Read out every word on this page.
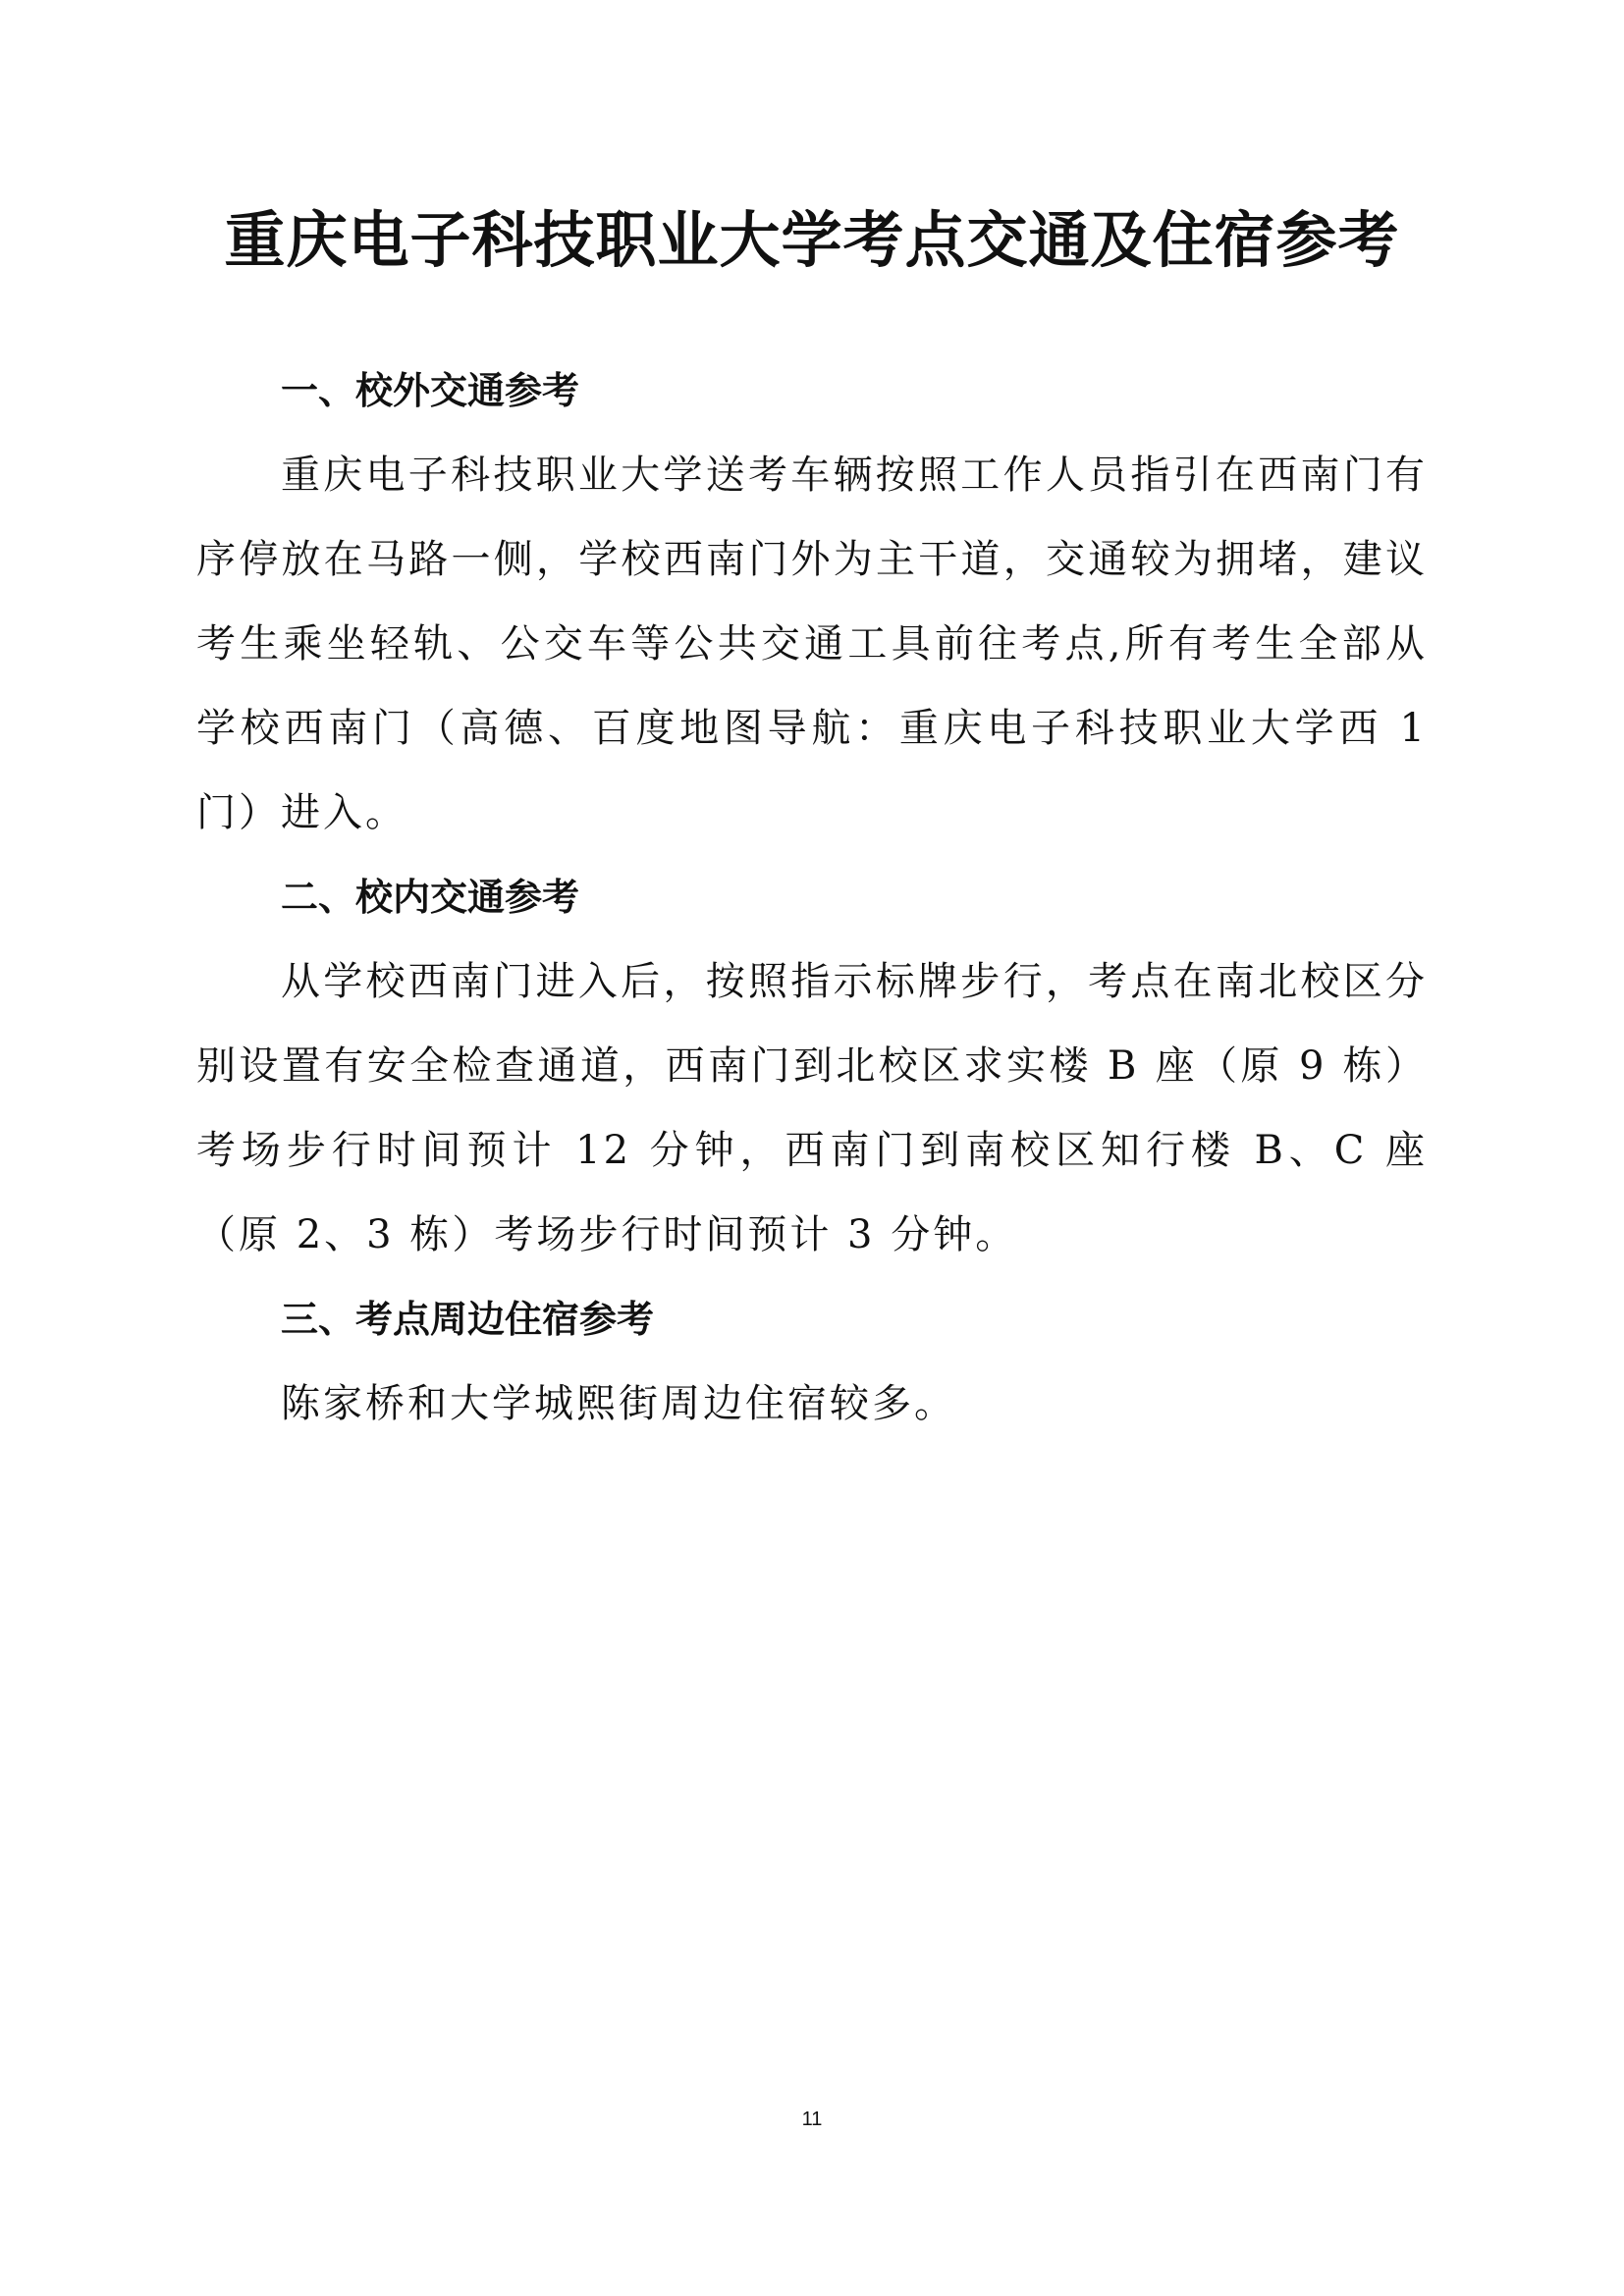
重庆电子科技职业大学考点交通及住宿参考
一、校外交通参考

重庆电子科技职业大学送考车辆按照工作人员指引在西南门有序停放在马路一侧，学校西南门外为主干道，交通较为拥堵，建议考生乘坐轻轨、公交车等公共交通工具前往考点,所有考生全部从学校西南门（高德、百度地图导航：重庆电子科技职业大学西 1 门）进入。

二、校内交通参考

从学校西南门进入后，按照指示标牌步行，考点在南北校区分别设置有安全检查通道，西南门到北校区求实楼 B 座（原 9 栋）考场步行时间预计 12 分钟，西南门到南校区知行楼 B、C 座（原 2、3 栋）考场步行时间预计 3 分钟。

三、考点周边住宿参考

陈家桥和大学城熙街周边住宿较多。

11
